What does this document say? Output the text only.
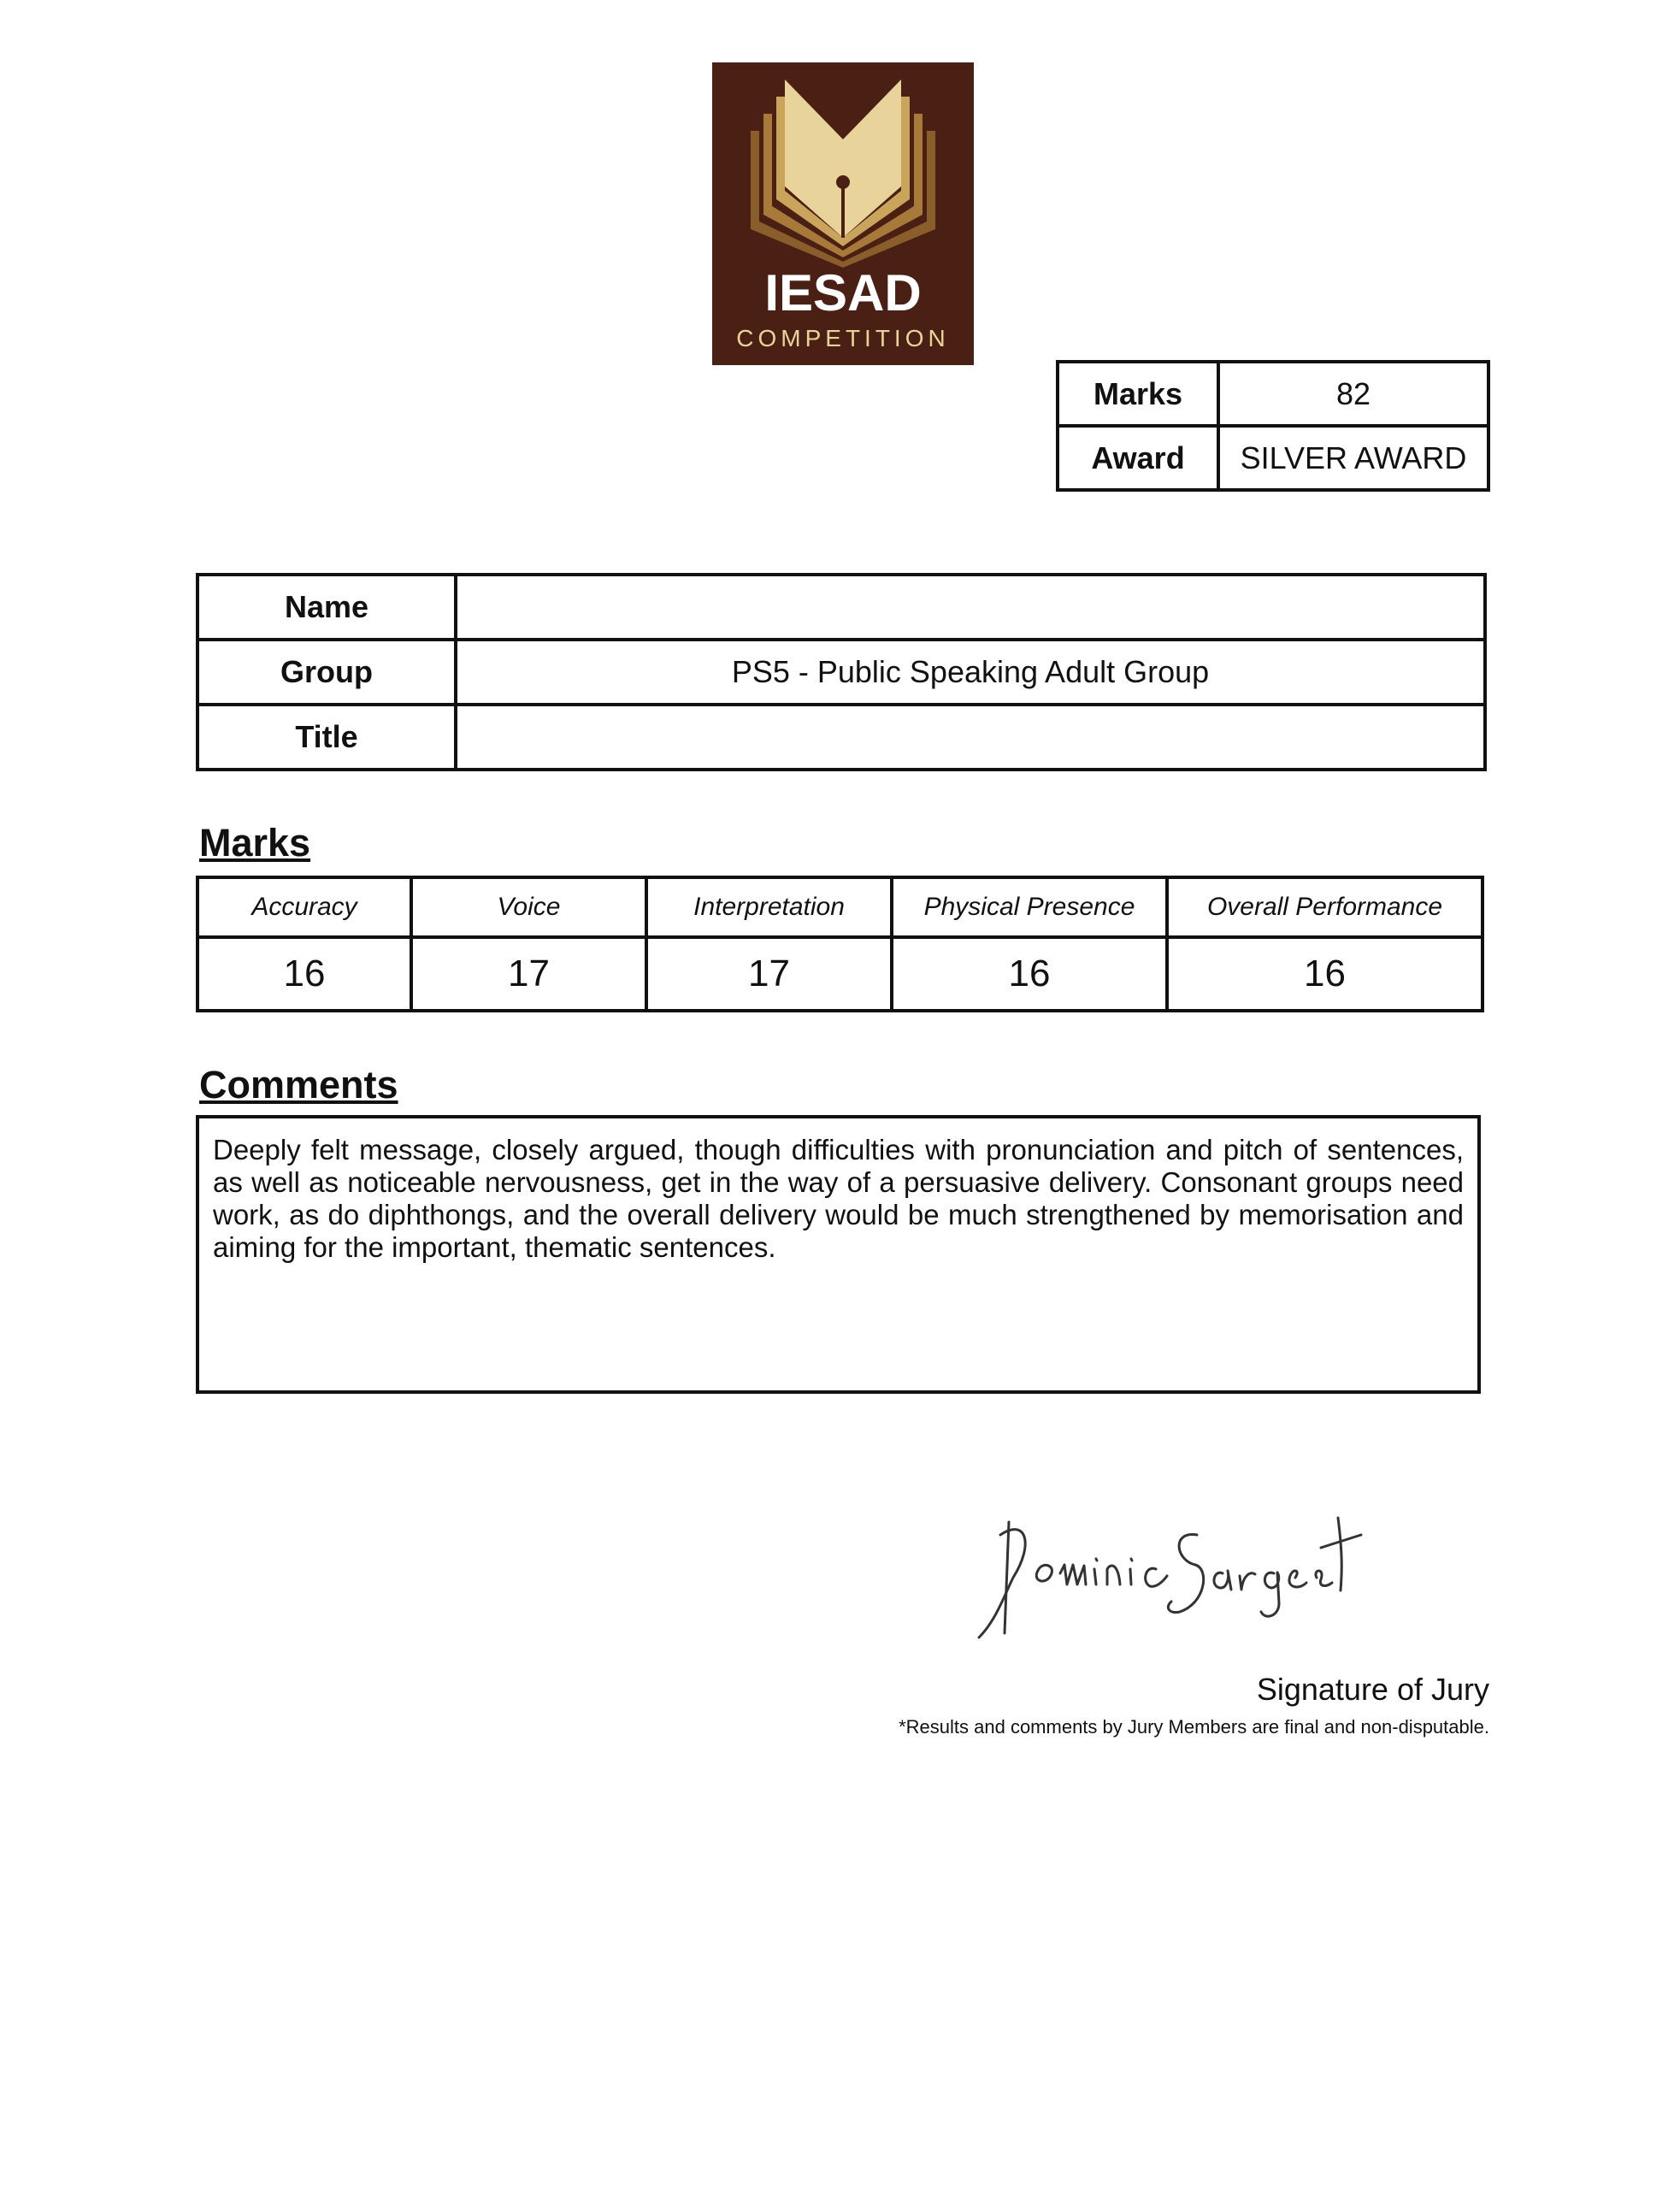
IESAD
COMPETITION
Marks	82
Award	SILVER AWARD
Name	
Group	PS5 - Public Speaking Adult Group
Title	
Marks
Accuracy	Voice	Interpretation	Physical Presence	Overall Performance
16	17	17	16	16
Comments
Deeply felt message, closely argued, though difficulties with pronunciation and pitch of sentences, as well as noticeable nervousness, get in the way of a persuasive delivery. Consonant groups need work, as do diphthongs, and the overall delivery would be much strengthened by memorisation and aiming for the important, thematic sentences.
Signature of Jury
*Results and comments by Jury Members are final and non-disputable.
